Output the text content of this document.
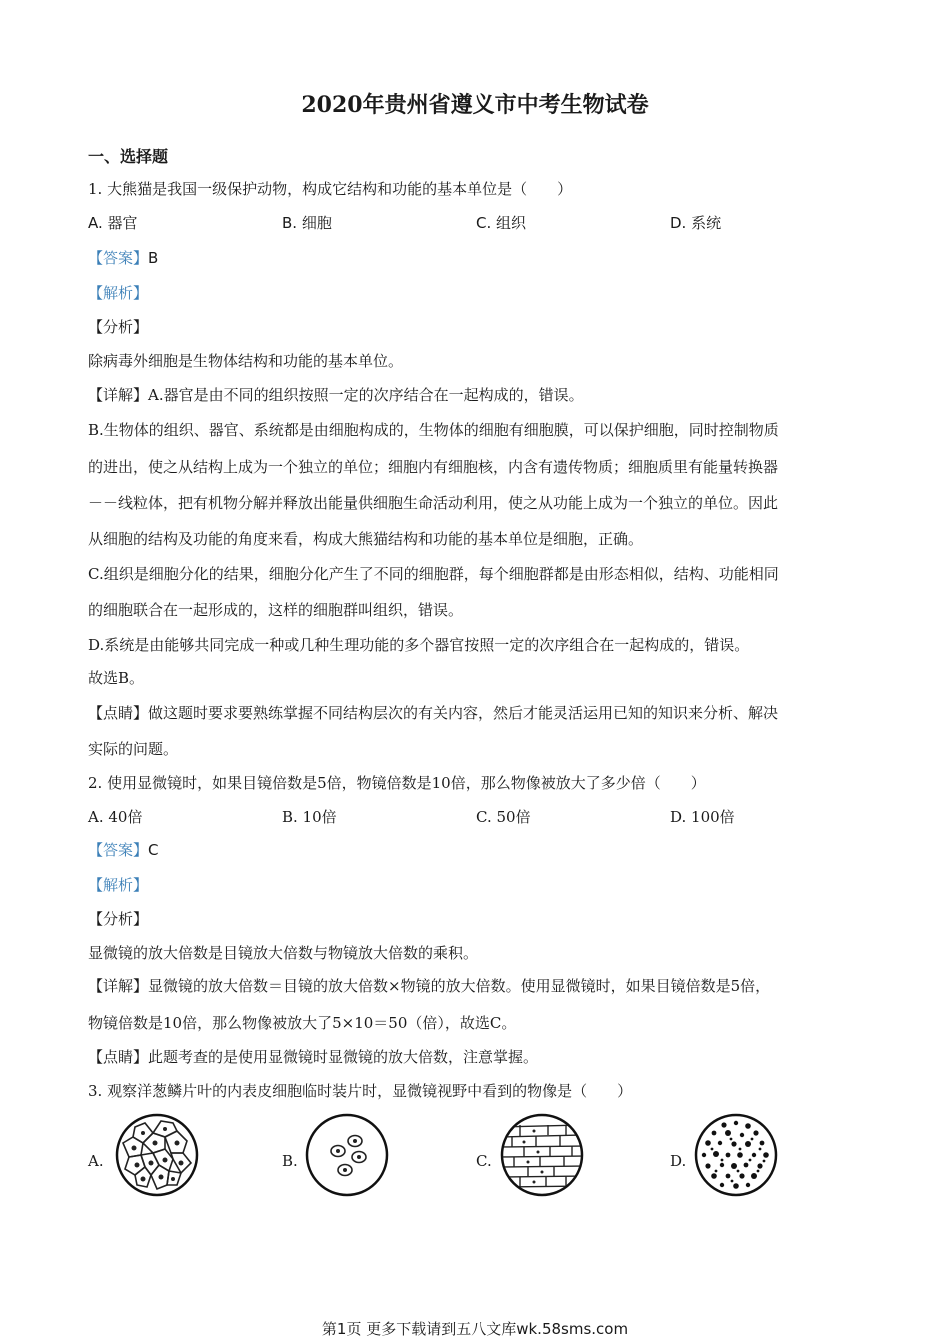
2020年贵州省遵义市中考生物试卷
一、选择题
1. 大熊猫是我国一级保护动物，构成它结构和功能的基本单位是（　　）
A. 器官	B. 细胞	C. 组织	D. 系统
【答案】B
【解析】
【分析】
除病毒外细胞是生物体结构和功能的基本单位。
【详解】A.器官是由不同的组织按照一定的次序结合在一起构成的，错误。
B.生物体的组织、器官、系统都是由细胞构成的，生物体的细胞有细胞膜，可以保护细胞，同时控制物质
的进出，使之从结构上成为一个独立的单位；细胞内有细胞核，内含有遗传物质；细胞质里有能量转换器
－－线粒体，把有机物分解并释放出能量供细胞生命活动利用，使之从功能上成为一个独立的单位。因此
从细胞的结构及功能的角度来看，构成大熊猫结构和功能的基本单位是细胞，正确。
C.组织是细胞分化的结果，细胞分化产生了不同的细胞群，每个细胞群都是由形态相似，结构、功能相同
的细胞联合在一起形成的，这样的细胞群叫组织，错误。
D.系统是由能够共同完成一种或几种生理功能的多个器官按照一定的次序组合在一起构成的，错误。
故选B。
【点睛】做这题时要求要熟练掌握不同结构层次的有关内容，然后才能灵活运用已知的知识来分析、解决
实际的问题。
2. 使用显微镜时，如果目镜倍数是5倍，物镜倍数是10倍，那么物像被放大了多少倍（　　）
A. 40倍	B. 10倍	C. 50倍	D. 100倍
【答案】C
【解析】
【分析】
显微镜的放大倍数是目镜放大倍数与物镜放大倍数的乘积。
【详解】显微镜的放大倍数＝目镜的放大倍数×物镜的放大倍数。使用显微镜时，如果目镜倍数是5倍，
物镜倍数是10倍，那么物像被放大了5×10＝50（倍），故选C。
【点睛】此题考查的是使用显微镜时显微镜的放大倍数，注意掌握。
3. 观察洋葱鳞片叶的内表皮细胞临时装片时，显微镜视野中看到的物像是（　　）
A.	B.	C.	D.
第1页 更多下载请到五八文库wk.58sms.com
